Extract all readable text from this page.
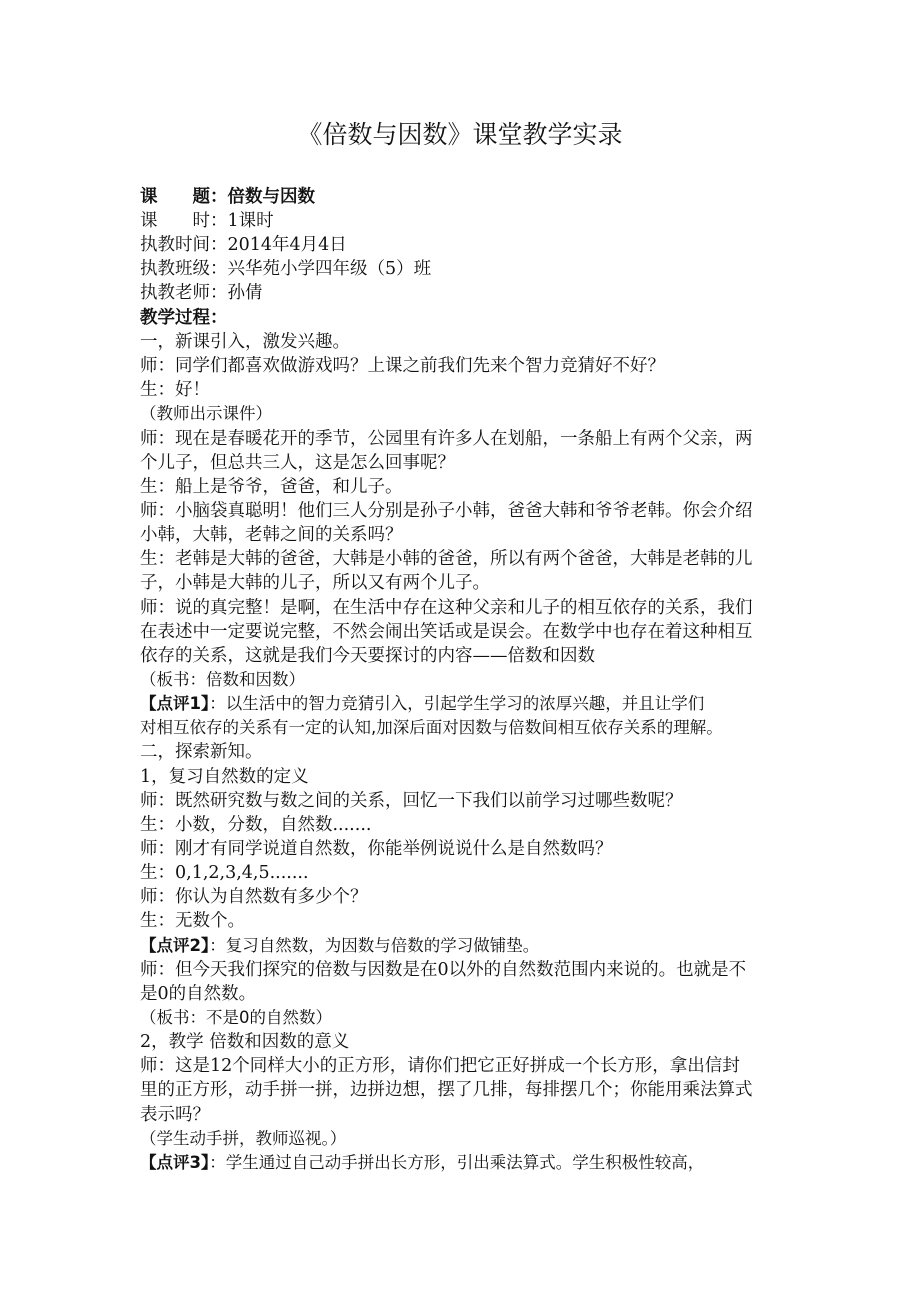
《倍数与因数》课堂教学实录
课　　题：倍数与因数
课　　时：1课时
执教时间：2014年4月4日
执教班级：兴华苑小学四年级（5）班
执教老师：孙倩
教学过程：
一，新课引入，激发兴趣。
师：同学们都喜欢做游戏吗？上课之前我们先来个智力竞猜好不好？
生：好！
（教师出示课件）
师：现在是春暖花开的季节，公园里有许多人在划船，一条船上有两个父亲，两
个儿子，但总共三人，这是怎么回事呢？
生：船上是爷爷，爸爸，和儿子。
师：小脑袋真聪明！他们三人分别是孙子小韩，爸爸大韩和爷爷老韩。你会介绍
小韩，大韩，老韩之间的关系吗？
生：老韩是大韩的爸爸，大韩是小韩的爸爸，所以有两个爸爸，大韩是老韩的儿
子，小韩是大韩的儿子，所以又有两个儿子。
师：说的真完整！是啊，在生活中存在这种父亲和儿子的相互依存的关系，我们
在表述中一定要说完整，不然会闹出笑话或是误会。在数学中也存在着这种相互
依存的关系，这就是我们今天要探讨的内容——倍数和因数
（板书：倍数和因数）
【点评1】：以生活中的智力竞猜引入，引起学生学习的浓厚兴趣，并且让学们
对相互依存的关系有一定的认知,加深后面对因数与倍数间相互依存关系的理解。
二，探索新知。
1，复习自然数的定义
师：既然研究数与数之间的关系，回忆一下我们以前学习过哪些数呢？
生：小数，分数，自然数.......
师：刚才有同学说道自然数，你能举例说说什么是自然数吗？
生：0,1,2,3,4,5.......
师：你认为自然数有多少个？
生：无数个。
【点评2】：复习自然数，为因数与倍数的学习做铺垫。
师：但今天我们探究的倍数与因数是在0以外的自然数范围内来说的。也就是不
是0的自然数。
（板书：不是0的自然数）
2，教学 倍数和因数的意义
师：这是12个同样大小的正方形，请你们把它正好拼成一个长方形，拿出信封
里的正方形，动手拼一拼，边拼边想，摆了几排，每排摆几个；你能用乘法算式
表示吗？
（学生动手拼，教师巡视。）
【点评3】：学生通过自己动手拼出长方形，引出乘法算式。学生积极性较高，
